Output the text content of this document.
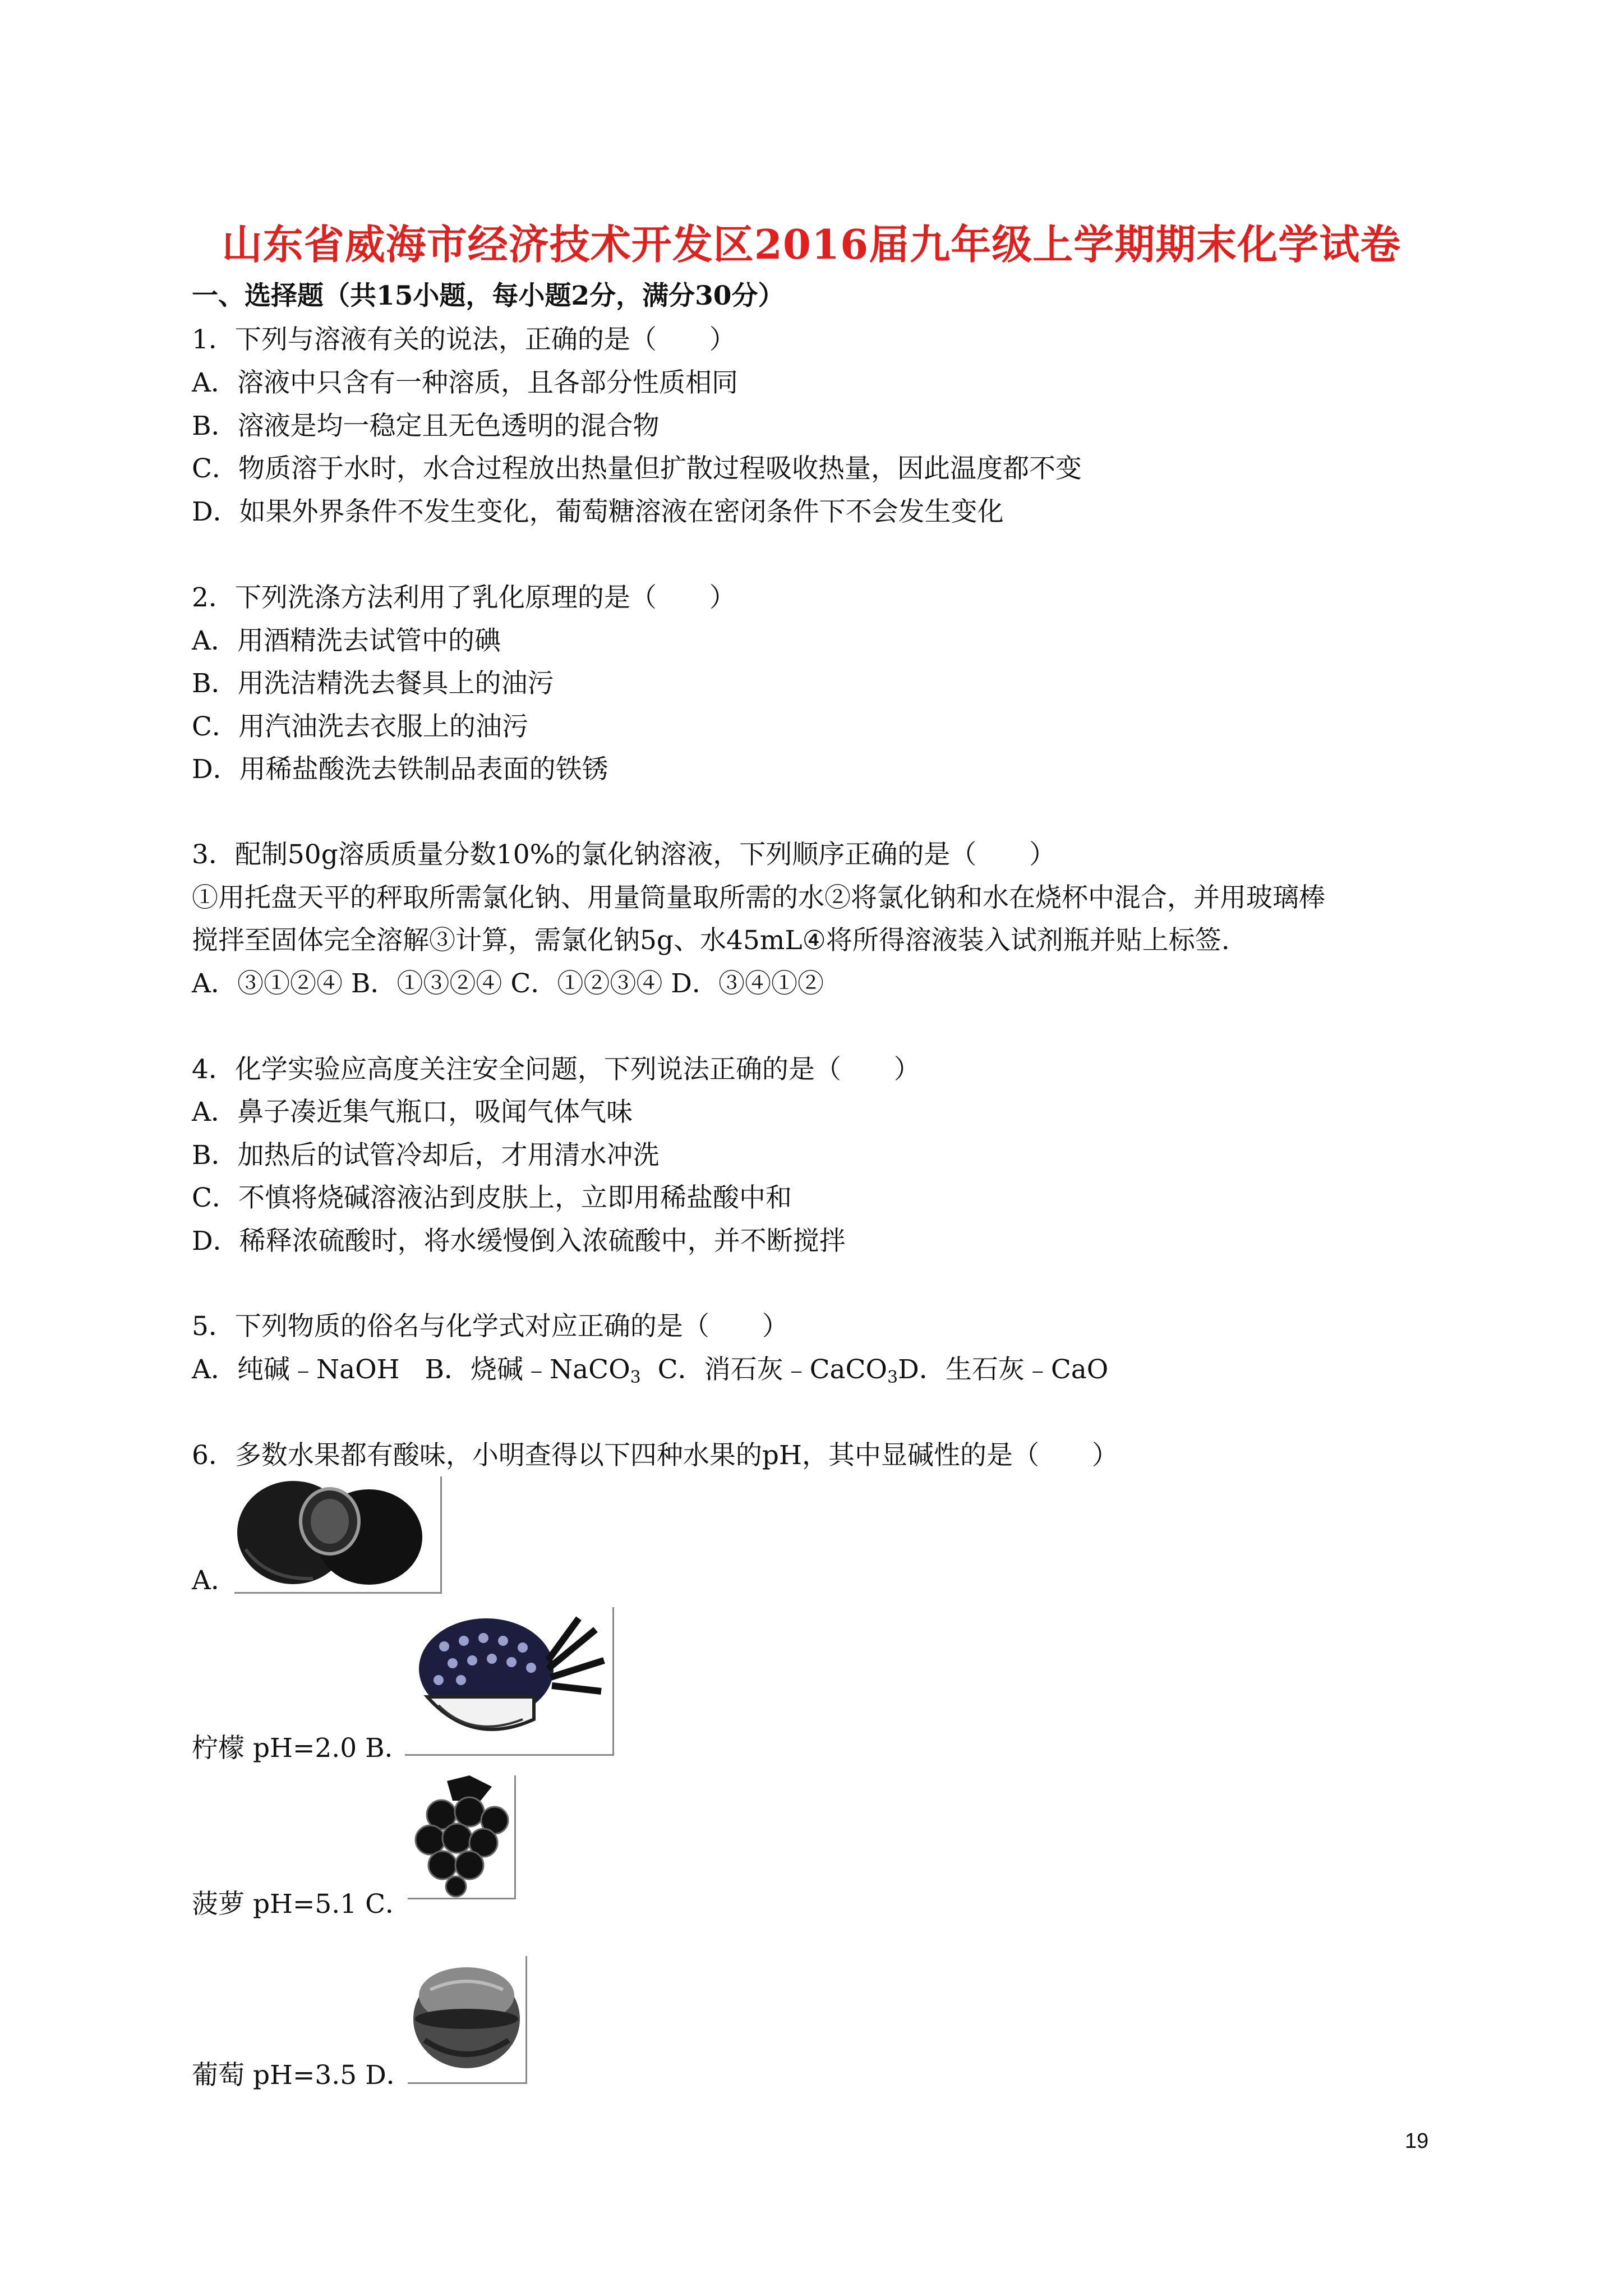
山东省威海市经济技术开发区2016届九年级上学期期末化学试卷
一、选择题（共15小题，每小题2分，满分30分）
1．下列与溶液有关的说法，正确的是（　　）
A．溶液中只含有一种溶质，且各部分性质相同
B．溶液是均一稳定且无色透明的混合物
C．物质溶于水时，水合过程放出热量但扩散过程吸收热量，因此温度都不变
D．如果外界条件不发生变化，葡萄糖溶液在密闭条件下不会发生变化
2．下列洗涤方法利用了乳化原理的是（　　）
A．用酒精洗去试管中的碘
B．用洗洁精洗去餐具上的油污
C．用汽油洗去衣服上的油污
D．用稀盐酸洗去铁制品表面的铁锈
3．配制50g溶质质量分数10%的氯化钠溶液，下列顺序正确的是（　　）
①用托盘天平的秤取所需氯化钠、用量筒量取所需的水②将氯化钠和水在烧杯中混合，并用玻璃棒
搅拌至固体完全溶解③计算，需氯化钠5g、水45mL④将所得溶液装入试剂瓶并贴上标签.
A．③①②④ B．①③②④ C．①②③④ D．③④①②
4．化学实验应高度关注安全问题，下列说法正确的是（　　）
A．鼻子凑近集气瓶口，吸闻气体气味
B．加热后的试管冷却后，才用清水冲洗
C．不慎将烧碱溶液沾到皮肤上，立即用稀盐酸中和
D．稀释浓硫酸时，将水缓慢倒入浓硫酸中，并不断搅拌
5．下列物质的俗名与化学式对应正确的是（　　）
A．纯碱﹣NaOH B．烧碱﹣NaCO$_3$ C．消石灰﹣CaCO$_3$D．生石灰﹣CaO
6．多数水果都有酸味，小明查得以下四种水果的pH，其中显碱性的是（　　）
A．
柠檬 pH=2.0 B．
菠萝 pH=5.1 C．
葡萄 pH=3.5 D．
19
